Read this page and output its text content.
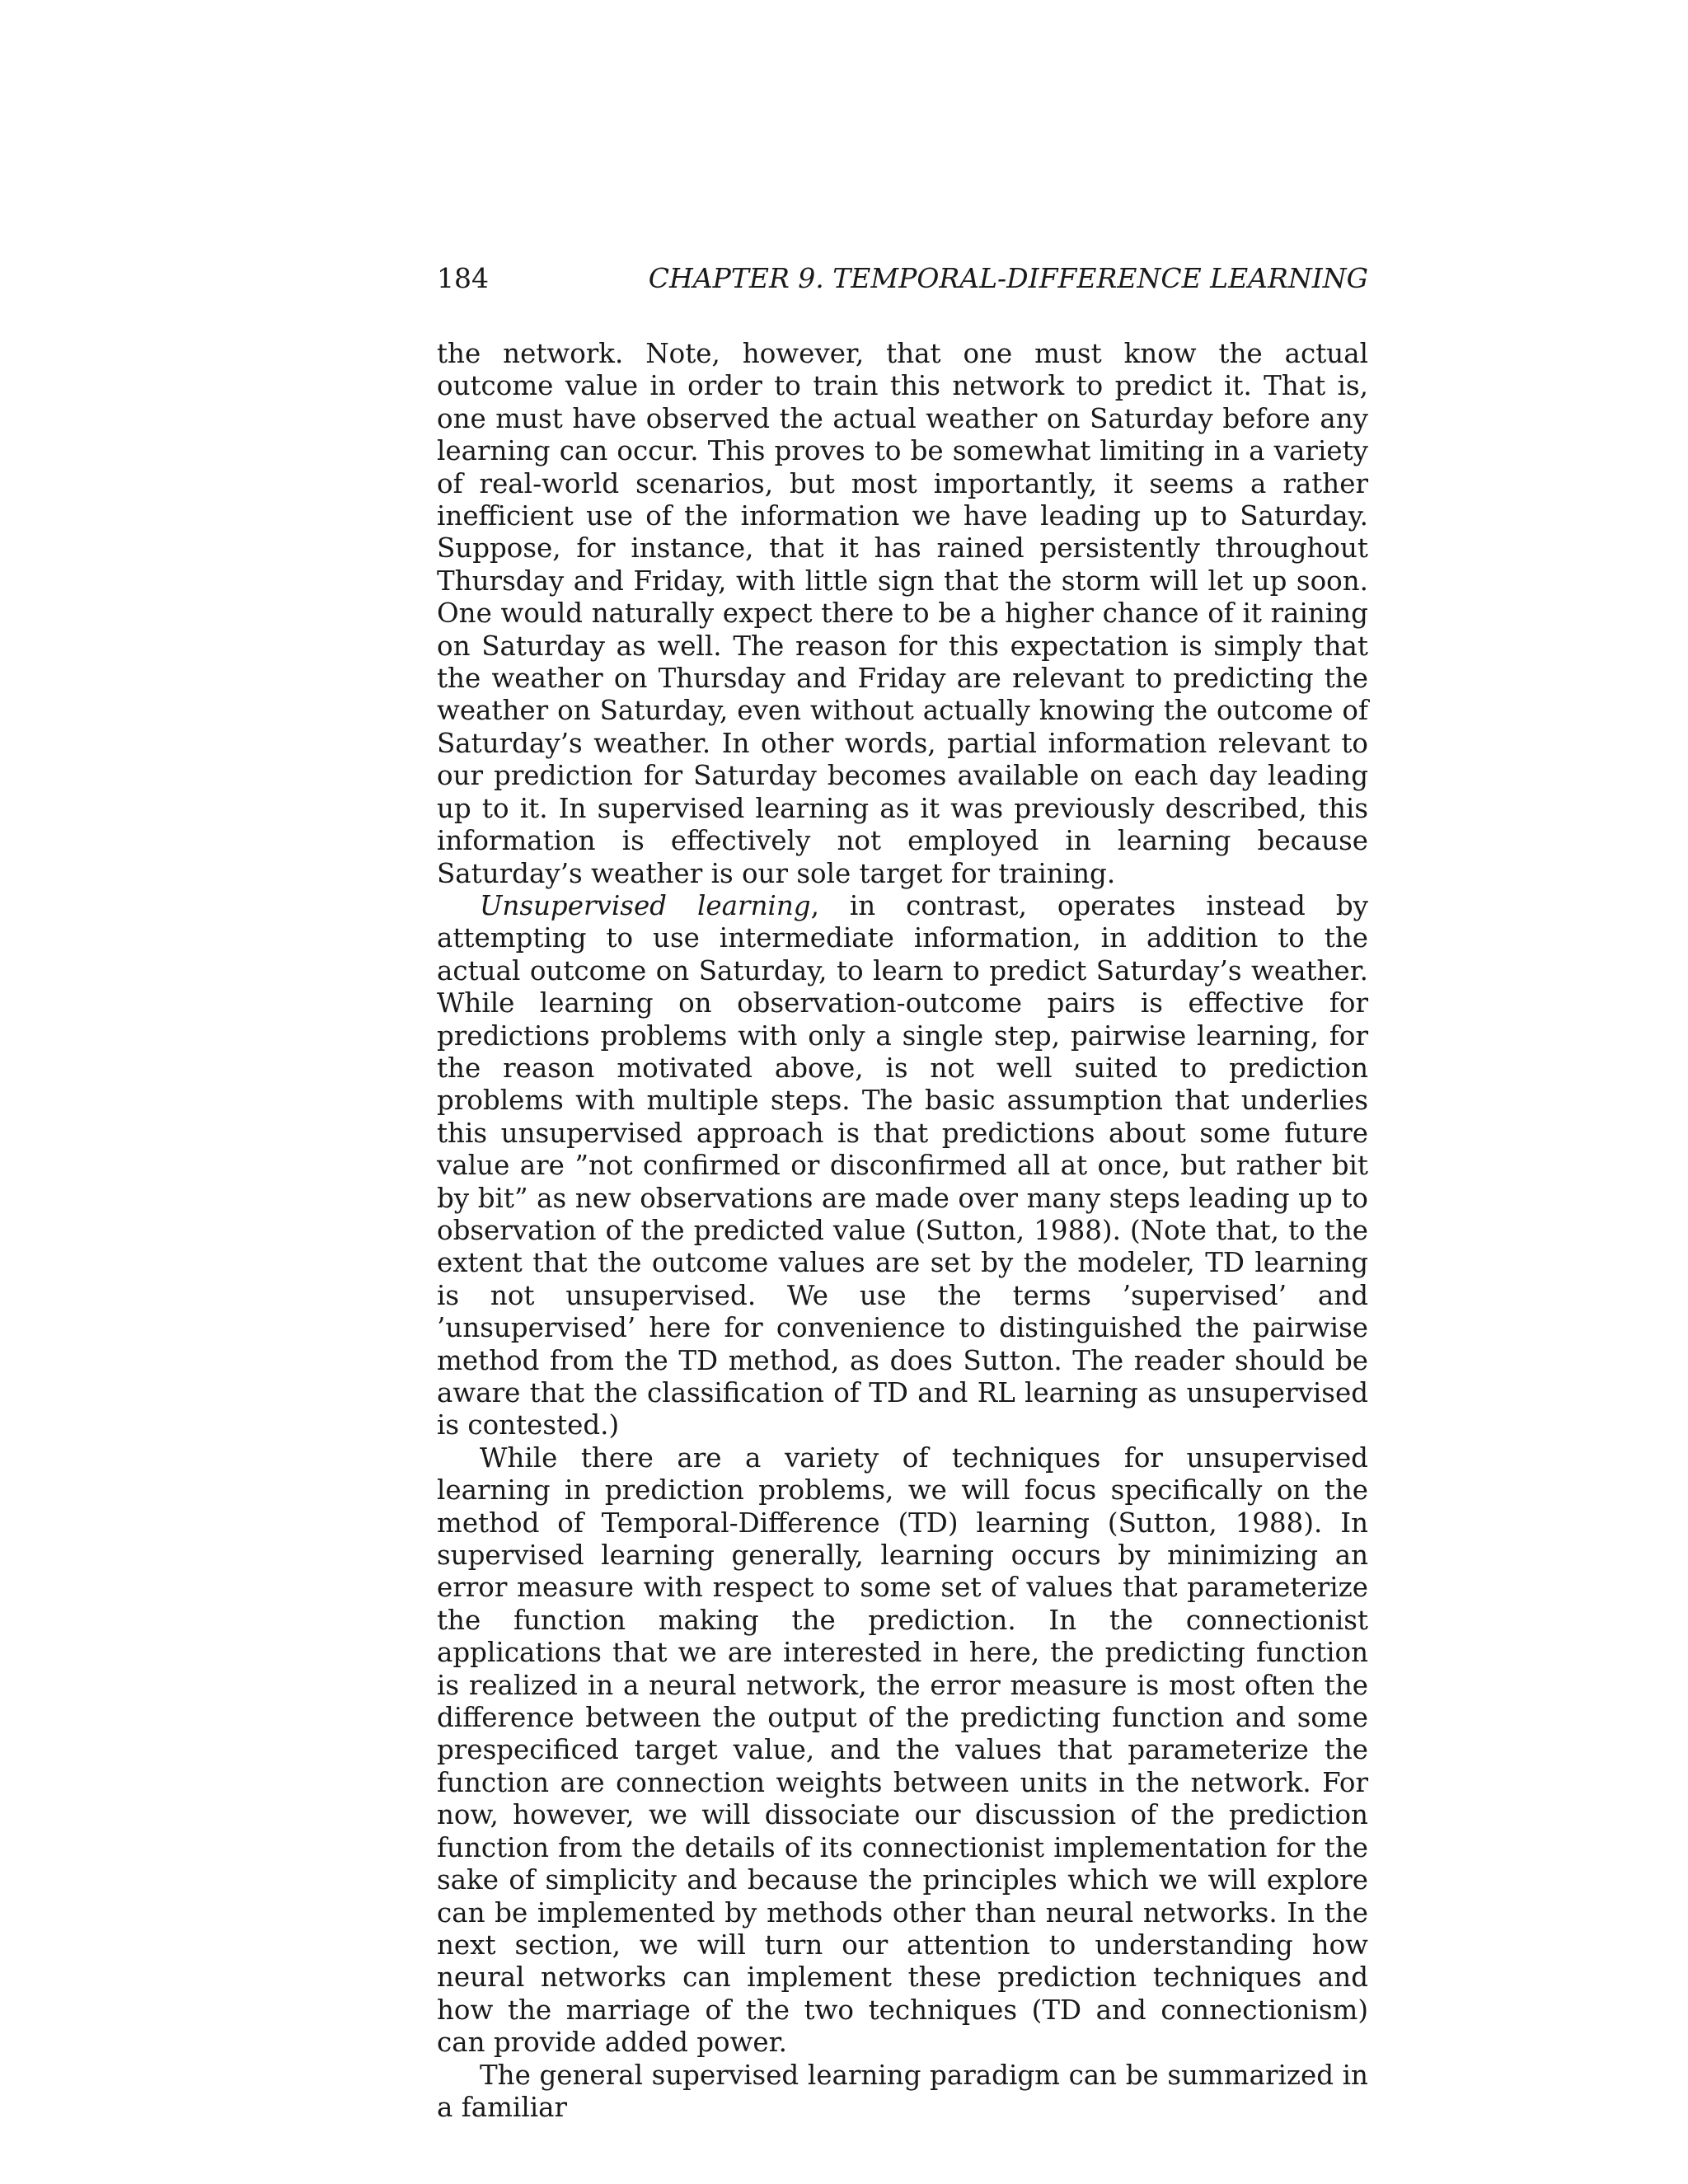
184	CHAPTER 9. TEMPORAL-DIFFERENCE LEARNING

the network. Note, however, that one must know the actual outcome value in order to train this network to predict it. That is, one must have observed the actual weather on Saturday before any learning can occur. This proves to be somewhat limiting in a variety of real-world scenarios, but most importantly, it seems a rather inefficient use of the information we have leading up to Saturday. Suppose, for instance, that it has rained persistently throughout Thursday and Friday, with little sign that the storm will let up soon. One would naturally expect there to be a higher chance of it raining on Saturday as well. The reason for this expectation is simply that the weather on Thursday and Friday are relevant to predicting the weather on Saturday, even without actually knowing the outcome of Saturday’s weather. In other words, partial information relevant to our prediction for Saturday becomes available on each day leading up to it. In supervised learning as it was previously described, this information is effectively not employed in learning because Saturday’s weather is our sole target for training.

Unsupervised learning, in contrast, operates instead by attempting to use intermediate information, in addition to the actual outcome on Saturday, to learn to predict Saturday’s weather. While learning on observation-outcome pairs is effective for predictions problems with only a single step, pairwise learning, for the reason motivated above, is not well suited to prediction problems with multiple steps. The basic assumption that underlies this unsupervised approach is that predictions about some future value are ”not confirmed or disconfirmed all at once, but rather bit by bit” as new observations are made over many steps leading up to observation of the predicted value (Sutton, 1988). (Note that, to the extent that the outcome values are set by the modeler, TD learning is not unsupervised. We use the terms ’supervised’ and ’unsupervised’ here for convenience to distinguished the pairwise method from the TD method, as does Sutton. The reader should be aware that the classification of TD and RL learning as unsupervised is contested.)

While there are a variety of techniques for unsupervised learning in prediction problems, we will focus specifically on the method of Temporal-Difference (TD) learning (Sutton, 1988). In supervised learning generally, learning occurs by minimizing an error measure with respect to some set of values that parameterize the function making the prediction. In the connectionist applications that we are interested in here, the predicting function is realized in a neural network, the error measure is most often the difference between the output of the predicting function and some prespecificed target value, and the values that parameterize the function are connection weights between units in the network. For now, however, we will dissociate our discussion of the prediction function from the details of its connectionist implementation for the sake of simplicity and because the principles which we will explore can be implemented by methods other than neural networks. In the next section, we will turn our attention to understanding how neural networks can implement these prediction techniques and how the marriage of the two techniques (TD and connectionism) can provide added power.

The general supervised learning paradigm can be summarized in a familiar
